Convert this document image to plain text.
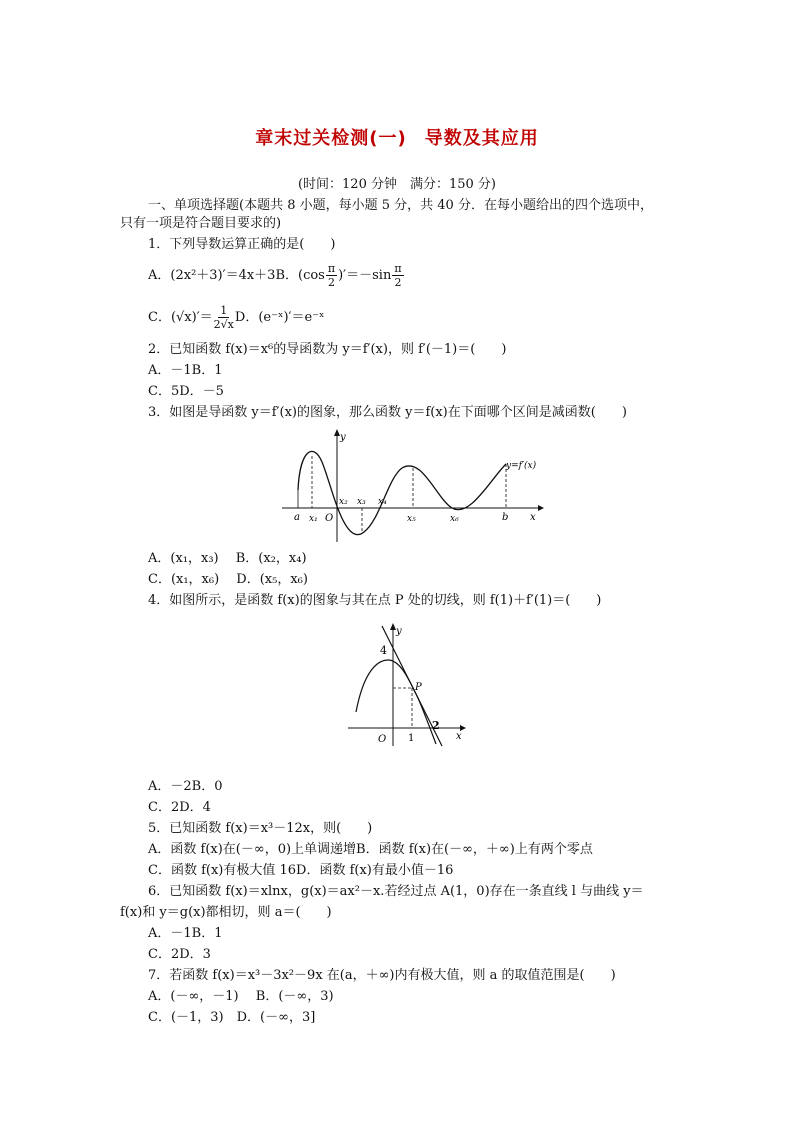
章末过关检测(一) 导数及其应用
(时间：120 分钟　满分：150 分)
一、单项选择题(本题共 8 小题，每小题 5 分，共 40 分．在每小题给出的四个选项中，
只有一项是符合题目要求的)
1．下列导数运算正确的是(　　)
A．(2x²＋3)′＝4x＋3B．$(\cos \frac{\pi}{2} )'=-\sin \frac{\pi}{2}$
C．$(√x)'= \frac{1}{2√x}$ D．(e⁻ˣ)′＝e⁻ˣ
2．已知函数 f(x)＝x⁶的导函数为 y＝f′(x)，则 f′(－1)＝(　　)
A．－1B．1
C．5D．－5
3．如图是导函数 y＝f′(x)的图象，那么函数 y＝f(x)在下面哪个区间是减函数(　　)
y
x
O
y=f′(x)
a x₁
x₂ x₃ x₄
x₅	x₆	b
A．(x₁，x₃)　 B．(x₂，x₄)
C．(x₁，x₆)　 D．(x₅，x₆)
4．如图所示，是函数 f(x)的图象与其在点 P 处的切线，则 f(1)＋f′(1)＝(　　)
y
x
O
4
P
1
2
A．－2B．0
C．2D．4
5．已知函数 f(x)＝x³－12x，则(　　)
A．函数 f(x)在(－∞，0)上单调递增B．函数 f(x)在(－∞，＋∞)上有两个零点
C．函数 f(x)有极大值 16D．函数 f(x)有最小值－16
6．已知函数 f(x)＝xlnx，g(x)＝ax²－x.若经过点 A(1，0)存在一条直线 l 与曲线 y＝
f(x)和 y＝g(x)都相切，则 a＝(　　)
A．－1B．1
C．2D．3
7．若函数 f(x)＝x³－3x²－9x 在(a，＋∞)内有极大值，则 a 的取值范围是(　　)
A．(－∞，－1)　 B．(－∞，3)
C．(－1，3)　D．(－∞，3]
